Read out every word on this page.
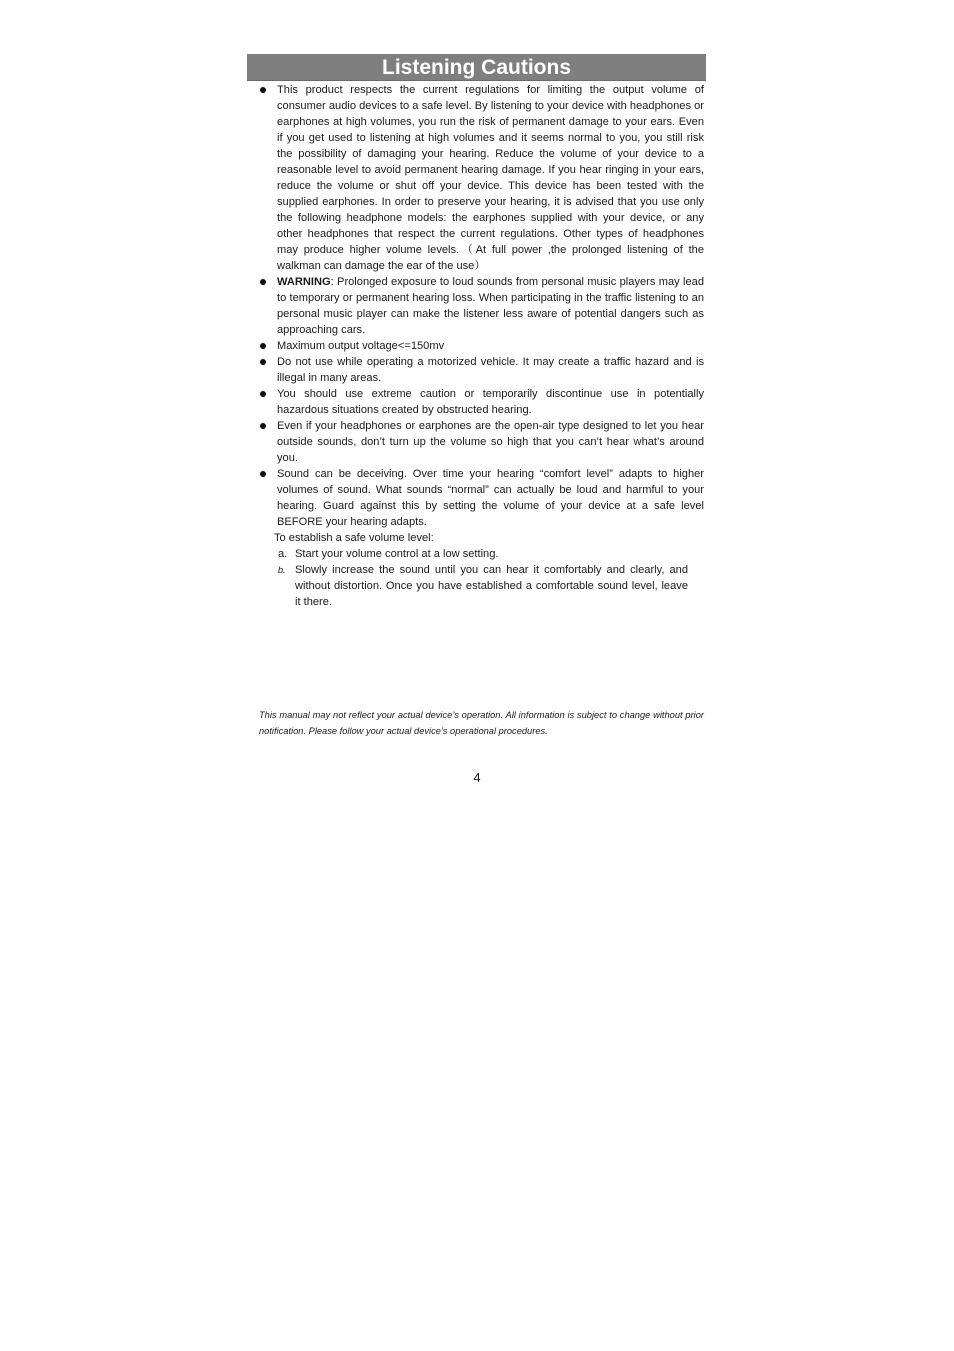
Listening Cautions
This product respects the current regulations for limiting the output volume of consumer audio devices to a safe level. By listening to your device with headphones or earphones at high volumes, you run the risk of permanent damage to your ears. Even if you get used to listening at high volumes and it seems normal to you, you still risk the possibility of damaging your hearing. Reduce the volume of your device to a reasonable level to avoid permanent hearing damage. If you hear ringing in your ears, reduce the volume or shut off your device. This device has been tested with the supplied earphones. In order to preserve your hearing, it is advised that you use only the following headphone models: the earphones supplied with your device, or any other headphones that respect the current regulations. Other types of headphones may produce higher volume levels.（At full power ,the prolonged listening of the walkman can damage the ear of the use）
WARNING: Prolonged exposure to loud sounds from personal music players may lead to temporary or permanent hearing loss. When participating in the traffic listening to an personal music player can make the listener less aware of potential dangers such as approaching cars.
Maximum output voltage<=150mv
Do not use while operating a motorized vehicle. It may create a traffic hazard and is illegal in many areas.
You should use extreme caution or temporarily discontinue use in potentially hazardous situations created by obstructed hearing.
Even if your headphones or earphones are the open-air type designed to let you hear outside sounds, don’t turn up the volume so high that you can’t hear what’s around you.
Sound can be deceiving. Over time your hearing “comfort level” adapts to higher volumes of sound. What sounds “normal” can actually be loud and harmful to your hearing. Guard against this by setting the volume of your device at a safe level BEFORE your hearing adapts.
To establish a safe volume level:
a. Start your volume control at a low setting.
b. Slowly increase the sound until you can hear it comfortably and clearly, and without distortion. Once you have established a comfortable sound level, leave it there.
This manual may not reflect your actual device’s operation. All information is subject to change without prior notification. Please follow your actual device’s operational procedures.
4
